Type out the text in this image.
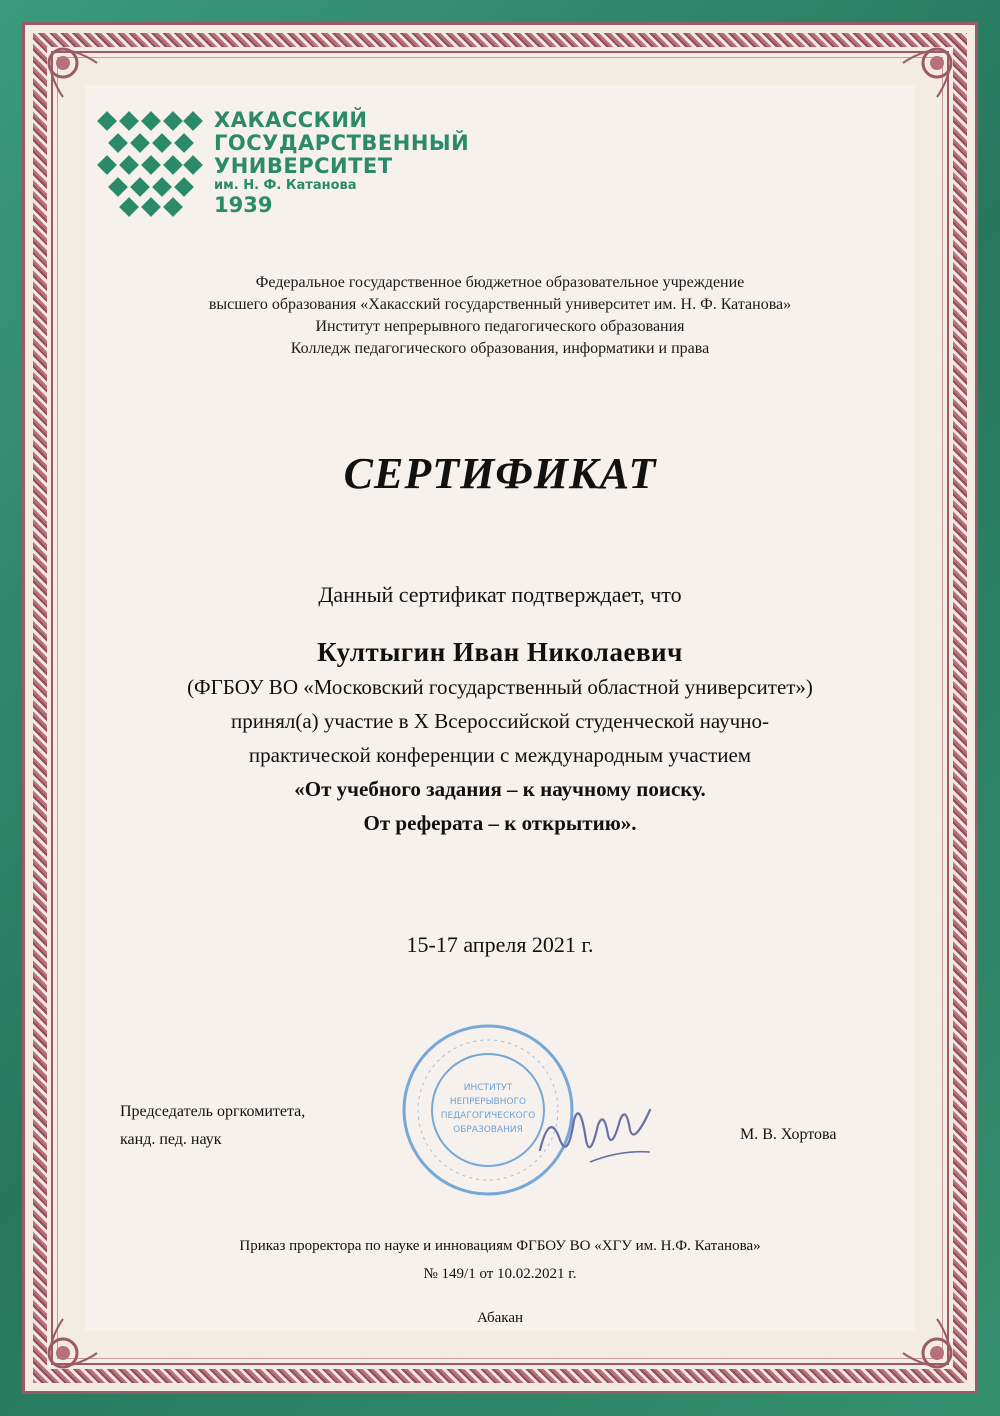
ХАКАССКИЙ
ГОСУДАРСТВЕННЫЙ
УНИВЕРСИТЕТ
им. Н. Ф. Катанова
1939
Федеральное государственное бюджетное образовательное учреждение
высшего образования «Хакасский государственный университет им. Н. Ф. Катанова»
Институт непрерывного педагогического образования
Колледж педагогического образования, информатики и права
СЕРТИФИКАТ
Данный сертификат подтверждает, что
Култыгин Иван Николаевич
(ФГБОУ ВО «Московский государственный областной университет»)
принял(а) участие в X Всероссийской студенческой научно-
практической конференции с международным участием
«От учебного задания – к научному поиску.
От реферата – к открытию».
15-17 апреля 2021 г.
ИНСТИТУТ
НЕПРЕРЫВНОГО
ПЕДАГОГИЧЕСКОГО
ОБРАЗОВАНИЯ
Председатель оргкомитета,
канд. пед. наук	М. В. Хортова
Приказ проректора по науке и инновациям ФГБОУ ВО «ХГУ им. Н.Ф. Катанова»
№ 149/1 от 10.02.2021 г.
Абакан
